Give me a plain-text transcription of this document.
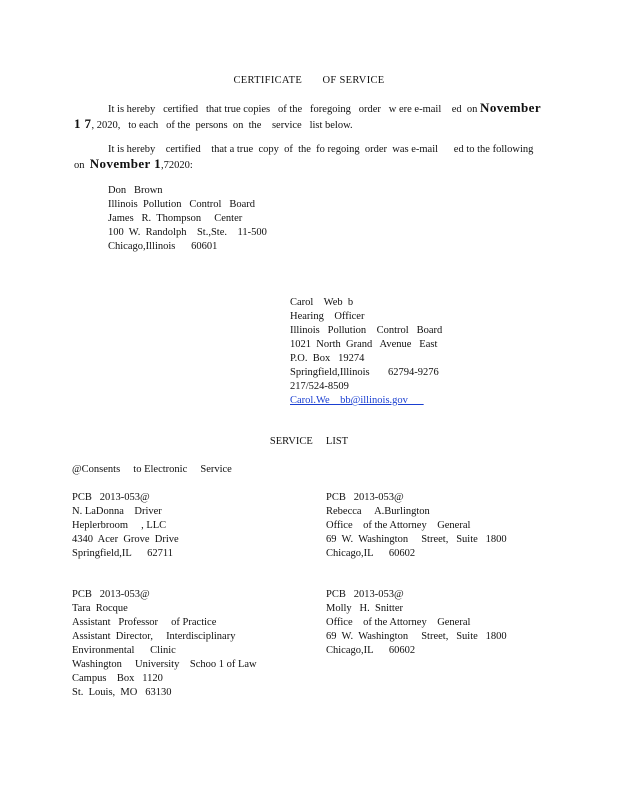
CERTIFICATE       OF SERVICE
It is hereby   certified   that true copies   of the   foregoing   order   w ere e-mail    ed  on November
1 7, 2020,   to each   of the  persons  on  the    service   list below.
It is hereby    certified    that a true  copy  of  the  fo regoing  order  was e-mail      ed to the following
on  November 1,72020:
Don   Brown
Illinois  Pollution   Control   Board
James   R.  Thompson     Center
100  W.  Randolph    St.,Ste.    11-500
Chicago,Illinois      60601
Carol    Web  b
Hearing    Officer
Illinois   Pollution    Control   Board
1021  North  Grand   Avenue   East
P.O.  Box   19274
Springfield,Illinois       62794-9276
217/524-8509
Carol.We    bb@illinois.gov
SERVICE     LIST
@Consents     to Electronic     Service
PCB   2013-053@
N. LaDonna    Driver
Heplerbroom     , LLC
4340  Acer  Grove  Drive
Springfield,IL      62711
PCB   2013-053@
Rebecca     A.Burlington
Office    of the Attorney    General
69  W.  Washington     Street,   Suite   1800
Chicago,IL      60602
PCB   2013-053@
Tara  Rocque
Assistant   Professor     of Practice
Assistant  Director,     Interdisciplinary
Environmental      Clinic
Washington     University    Schoo 1 of Law
Campus    Box   1120
St.  Louis,  MO   63130
PCB   2013-053@
Molly   H.  Snitter
Office    of the Attorney    General
69  W.  Washington     Street,   Suite   1800
Chicago,IL      60602
